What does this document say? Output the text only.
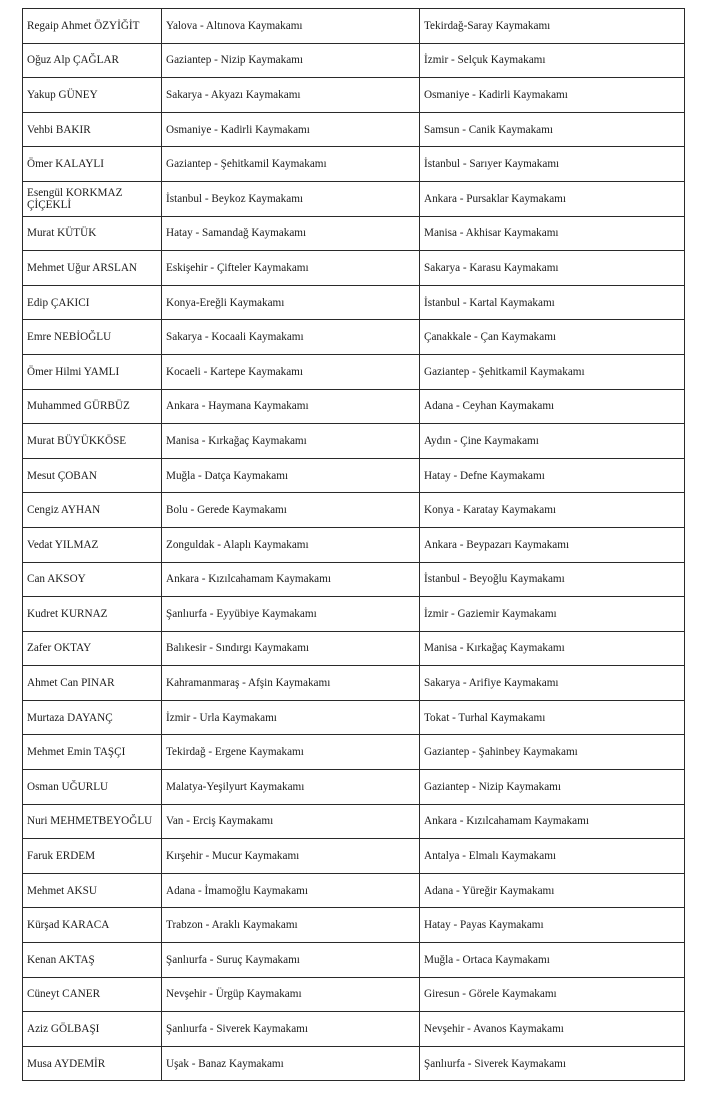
Regaip Ahmet ÖZYİĞİT	Yalova - Altınova Kaymakamı	Tekirdağ-Saray Kaymakamı
Oğuz Alp ÇAĞLAR	Gaziantep - Nizip Kaymakamı	İzmir - Selçuk Kaymakamı
Yakup GÜNEY	Sakarya - Akyazı Kaymakamı	Osmaniye - Kadirli Kaymakamı
Vehbi BAKIR	Osmaniye - Kadirli Kaymakamı	Samsun - Canik Kaymakamı
Ömer KALAYLI	Gaziantep - Şehitkamil Kaymakamı	İstanbul - Sarıyer Kaymakamı
Esengül KORKMAZ ÇİÇEKLİ	İstanbul - Beykoz Kaymakamı	Ankara - Pursaklar Kaymakamı
Murat KÜTÜK	Hatay - Samandağ Kaymakamı	Manisa - Akhisar Kaymakamı
Mehmet Uğur ARSLAN	Eskişehir - Çifteler Kaymakamı	Sakarya - Karasu Kaymakamı
Edip ÇAKICI	Konya-Ereğli Kaymakamı	İstanbul - Kartal Kaymakamı
Emre NEBİOĞLU	Sakarya - Kocaali Kaymakamı	Çanakkale - Çan Kaymakamı
Ömer Hilmi YAMLI	Kocaeli - Kartepe Kaymakamı	Gaziantep - Şehitkamil Kaymakamı
Muhammed GÜRBÜZ	Ankara - Haymana Kaymakamı	Adana - Ceyhan Kaymakamı
Murat BÜYÜKKÖSE	Manisa - Kırkağaç Kaymakamı	Aydın - Çine Kaymakamı
Mesut ÇOBAN	Muğla - Datça Kaymakamı	Hatay - Defne Kaymakamı
Cengiz AYHAN	Bolu - Gerede Kaymakamı	Konya - Karatay Kaymakamı
Vedat YILMAZ	Zonguldak - Alaplı Kaymakamı	Ankara - Beypazarı Kaymakamı
Can AKSOY	Ankara - Kızılcahamam Kaymakamı	İstanbul - Beyoğlu Kaymakamı
Kudret KURNAZ	Şanlıurfa - Eyyübiye Kaymakamı	İzmir - Gaziemir Kaymakamı
Zafer OKTAY	Balıkesir - Sındırgı Kaymakamı	Manisa - Kırkağaç Kaymakamı
Ahmet Can PINAR	Kahramanmaraş - Afşin Kaymakamı	Sakarya - Arifiye Kaymakamı
Murtaza DAYANÇ	İzmir - Urla Kaymakamı	Tokat - Turhal Kaymakamı
Mehmet Emin TAŞÇI	Tekirdağ - Ergene Kaymakamı	Gaziantep - Şahinbey Kaymakamı
Osman UĞURLU	Malatya-Yeşilyurt Kaymakamı	Gaziantep - Nizip Kaymakamı
Nuri MEHMETBEYOĞLU	Van - Erciş Kaymakamı	Ankara - Kızılcahamam Kaymakamı
Faruk ERDEM	Kırşehir - Mucur Kaymakamı	Antalya - Elmalı Kaymakamı
Mehmet AKSU	Adana - İmamoğlu Kaymakamı	Adana - Yüreğir Kaymakamı
Kürşad KARACA	Trabzon - Araklı Kaymakamı	Hatay - Payas Kaymakamı
Kenan AKTAŞ	Şanlıurfa - Suruç Kaymakamı	Muğla - Ortaca Kaymakamı
Cüneyt CANER	Nevşehir - Ürgüp Kaymakamı	Giresun - Görele Kaymakamı
Aziz GÖLBAŞI	Şanlıurfa - Siverek Kaymakamı	Nevşehir - Avanos Kaymakamı
Musa AYDEMİR	Uşak - Banaz Kaymakamı	Şanlıurfa - Siverek Kaymakamı
